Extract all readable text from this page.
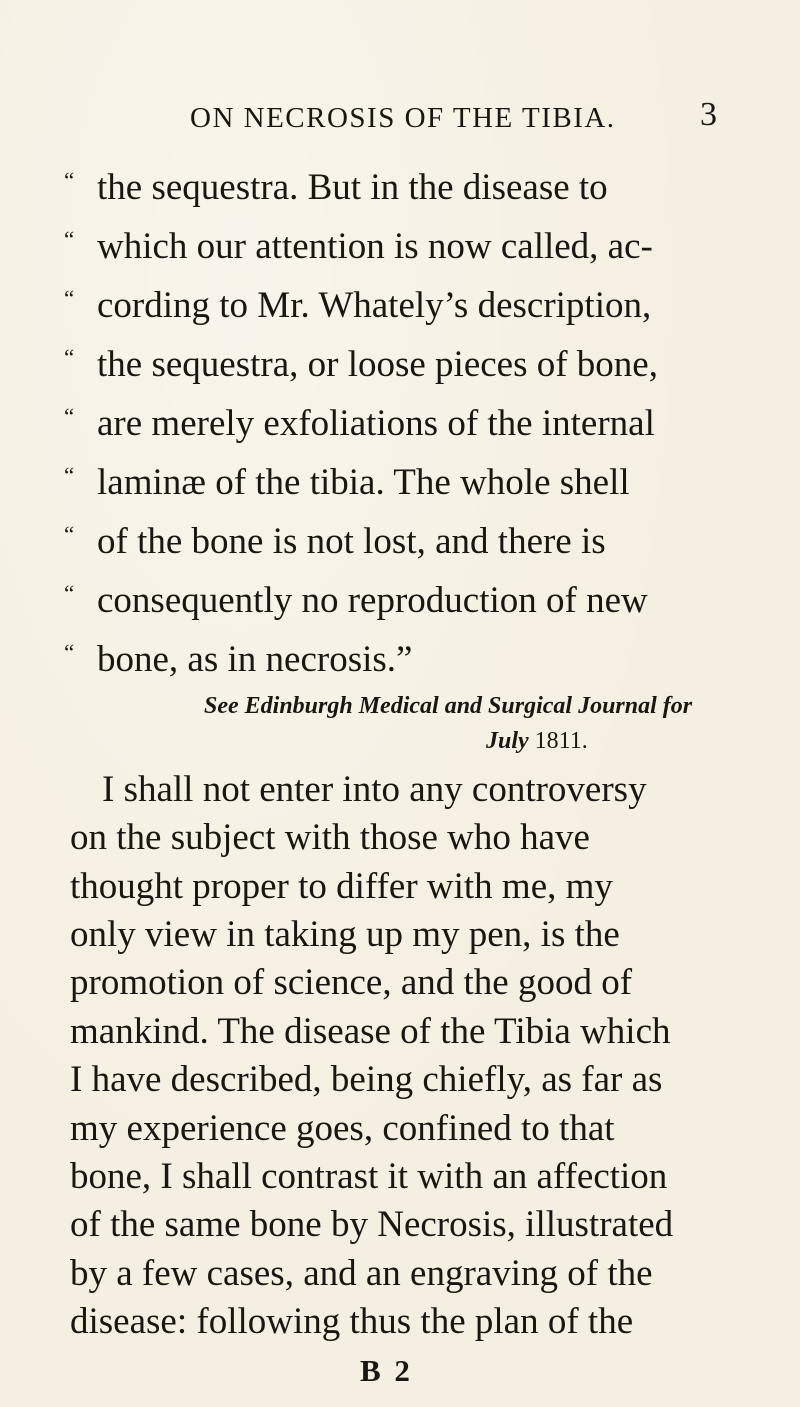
ON NECROSIS OF THE TIBIA. 3
“ the sequestra. But in the disease to
“ which our attention is now called, ac-
“ cording to Mr. Whately’s description,
“ the sequestra, or loose pieces of bone,
“ are merely exfoliations of the internal
“ laminæ of the tibia. The whole shell
“ of the bone is not lost, and there is
“ consequently no reproduction of new
“ bone, as in necrosis.”
See Edinburgh Medical and Surgical Journal for
July 1811.
I shall not enter into any controversy
on the subject with those who have
thought proper to differ with me, my
only view in taking up my pen, is the
promotion of science, and the good of
mankind. The disease of the Tibia which
I have described, being chiefly, as far as
my experience goes, confined to that
bone, I shall contrast it with an affection
of the same bone by Necrosis, illustrated
by a few cases, and an engraving of the
disease: following thus the plan of the
B 2
